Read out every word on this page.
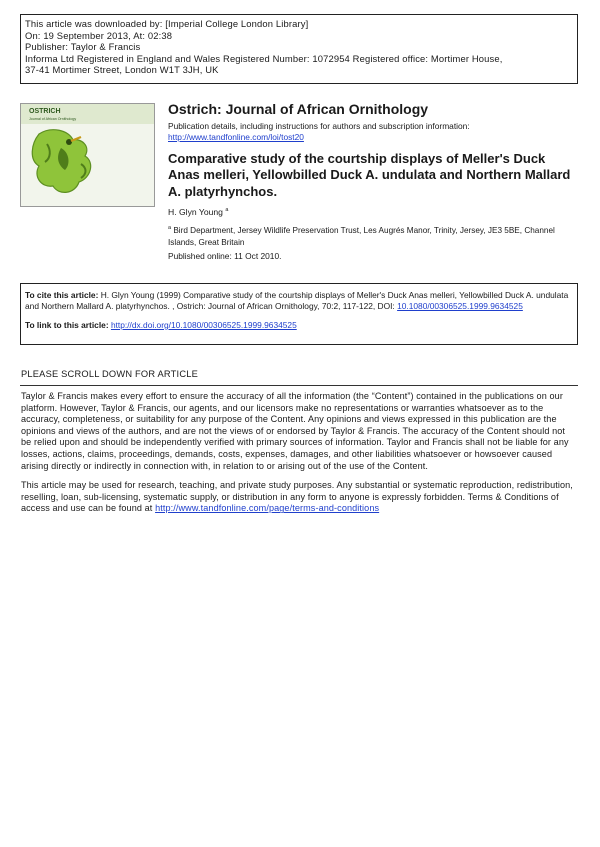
This article was downloaded by: [Imperial College London Library]
On: 19 September 2013, At: 02:38
Publisher: Taylor & Francis
Informa Ltd Registered in England and Wales Registered Number: 1072954 Registered office: Mortimer House,
37-41 Mortimer Street, London W1T 3JH, UK
OSTRICH
Journal of African Ornithology
Ostrich: Journal of African Ornithology
Publication details, including instructions for authors and subscription information:
http://www.tandfonline.com/loi/tost20
Comparative study of the courtship displays of Meller's Duck Anas melleri, Yellowbilled Duck A. undulata and Northern Mallard A. platyrhynchos.
H. Glyn Young $^a$
$^a$ Bird Department, Jersey Wildlife Preservation Trust, Les Augrés Manor, Trinity, Jersey, JE3 5BE, Channel Islands, Great Britain
Published online: 11 Oct 2010.
To cite this article: H. Glyn Young (1999) Comparative study of the courtship displays of Meller's Duck Anas melleri, Yellowbilled Duck A. undulata and Northern Mallard A. platyrhynchos. , Ostrich: Journal of African Ornithology, 70:2, 117-122, DOI: 10.1080/00306525.1999.9634525
To link to this article: http://dx.doi.org/10.1080/00306525.1999.9634525
PLEASE SCROLL DOWN FOR ARTICLE

Taylor & Francis makes every effort to ensure the accuracy of all the information (the “Content”) contained in the publications on our platform. However, Taylor & Francis, our agents, and our licensors make no representations or warranties whatsoever as to the accuracy, completeness, or suitability for any purpose of the Content. Any opinions and views expressed in this publication are the opinions and views of the authors, and are not the views of or endorsed by Taylor & Francis. The accuracy of the Content should not be relied upon and should be independently verified with primary sources of information. Taylor and Francis shall not be liable for any losses, actions, claims, proceedings, demands, costs, expenses, damages, and other liabilities whatsoever or howsoever caused arising directly or indirectly in connection with, in relation to or arising out of the use of the Content.

This article may be used for research, teaching, and private study purposes. Any substantial or systematic reproduction, redistribution, reselling, loan, sub-licensing, systematic supply, or distribution in any form to anyone is expressly forbidden. Terms & Conditions of access and use can be found at http://www.tandfonline.com/page/terms-and-conditions
